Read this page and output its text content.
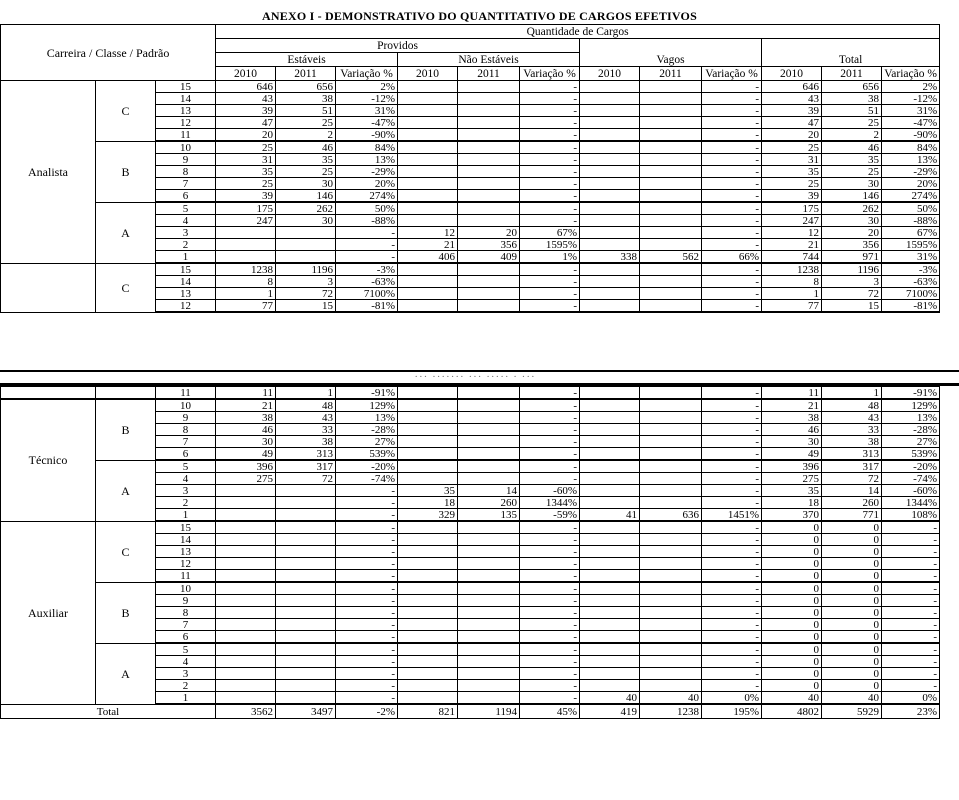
ANEXO I - DEMONSTRATIVO DO QUANTITATIVO DE CARGOS EFETIVOS
Carreira / Classe / Padrão			Quantidade de Cargos											
			Providos						Vagos			Total		
			Estáveis			Não Estáveis								
			2010	2011	Variação %	2010	2011	Variação %	2010	2011	Variação %	2010	2011	Variação %
Analista	C	15	646	656	2%			-			-	646	656	2%
		14	43	38	-12%			-			-	43	38	-12%
		13	39	51	31%			-			-	39	51	31%
		12	47	25	-47%			-			-	47	25	-47%
		11	20	2	-90%			-			-	20	2	-90%
	B	10	25	46	84%			-			-	25	46	84%
		9	31	35	13%			-			-	31	35	13%
		8	35	25	-29%			-			-	35	25	-29%
		7	25	30	20%			-			-	25	30	20%
		6	39	146	274%			-			-	39	146	274%
	A	5	175	262	50%			-			-	175	262	50%
		4	247	30	-88%			-			-	247	30	-88%
		3			-	12	20	67%			-	12	20	67%
		2			-	21	356	1595%			-	21	356	1595%
		1			-	406	409	1%	338	562	66%	744	971	31%
	C	15	1238	1196	-3%			-			-	1238	1196	-3%
		14	8	3	-63%			-			-	8	3	-63%
		13	1	72	7100%			-			-	1	72	7100%
		12	77	15	-81%			-			-	77	15	-81%
··· ······· ··· ····· · ···
		11	11	1	-91%			-			-	11	1	-91%
Técnico	B	10	21	48	129%			-			-	21	48	129%
		9	38	43	13%			-			-	38	43	13%
		8	46	33	-28%			-			-	46	33	-28%
		7	30	38	27%			-			-	30	38	27%
		6	49	313	539%			-			-	49	313	539%
	A	5	396	317	-20%			-			-	396	317	-20%
		4	275	72	-74%			-			-	275	72	-74%
		3			-	35	14	-60%			-	35	14	-60%
		2			-	18	260	1344%			-	18	260	1344%
		1			-	329	135	-59%	41	636	1451%	370	771	108%
Auxiliar	C	15			-			-			-	0	0	-
		14			-			-			-	0	0	-
		13			-			-			-	0	0	-
		12			-			-			-	0	0	-
		11			-			-			-	0	0	-
	B	10			-			-			-	0	0	-
		9			-			-			-	0	0	-
		8			-			-			-	0	0	-
		7			-			-			-	0	0	-
		6			-			-			-	0	0	-
	A	5			-			-			-	0	0	-
		4			-			-			-	0	0	-
		3			-			-			-	0	0	-
		2			-			-			-	0	0	-
		1			-			-	40	40	0%	40	40	0%
Total			3562	3497	-2%	821	1194	45%	419	1238	195%	4802	5929	23%
